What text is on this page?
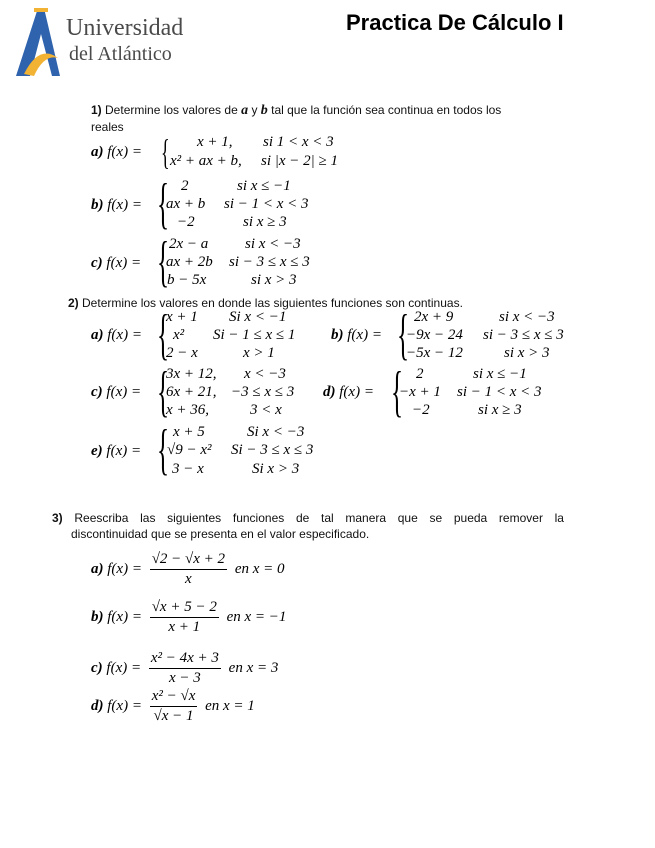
Universidad
del Atlántico
Practica De Cálculo I
1) Determine los valores de a y b tal que la función sea continua en todos los
reales
a) f(x) = { x + 1, si 1 < x < 3
x² + ax + b, si |x − 2| ≥ 1
b) f(x) = { 2	si x ≤ −1
ax + b si − 1 < x < 3
−2	si x ≥ 3
c) f(x) = { 2x − a si x < −3
ax + 2b si − 3 ≤ x ≤ 3
b − 5x	si x > 3
2) Determine los valores en donde las siguientes funciones son continuas.
a) f(x) = {
x + 1 Si x < −1
x² Si − 1 ≤ x ≤ 1
2 − x	x > 1
b) f(x) = { 2x + 9	si x < −3
−9x − 24 si − 3 ≤ x ≤ 3
−5x − 12	si x > 3
c) f(x) = {
3x + 12, x < −3
6x + 21, −3 ≤ x ≤ 3
x + 36,	3 < x
d) f(x) = { 2	si x ≤ −1
−x + 1 si − 1 < x < 3
−2	si x ≥ 3
e) f(x) = { x + 5	Si x < −3
√9 − x² Si − 3 ≤ x ≤ 3
3 − x	Si x > 3
3) Reescriba las siguientes funciones de tal manera que se pueda remover la
discontinuidad que se presenta en el valor especificado.
a) $f(x) = \frac{√2 - √x + 2}{x}$ en x = 0
b) $f(x) = \frac{√x + 5 - 2}{x + 1}$ en x = −1
c) $f(x) = \frac{\text{x² − 4x + 3}}{x - 3}$ en x = 3
d) $f(x) = \frac{\text{x² − √x}}{√x - 1}$ en x = 1
